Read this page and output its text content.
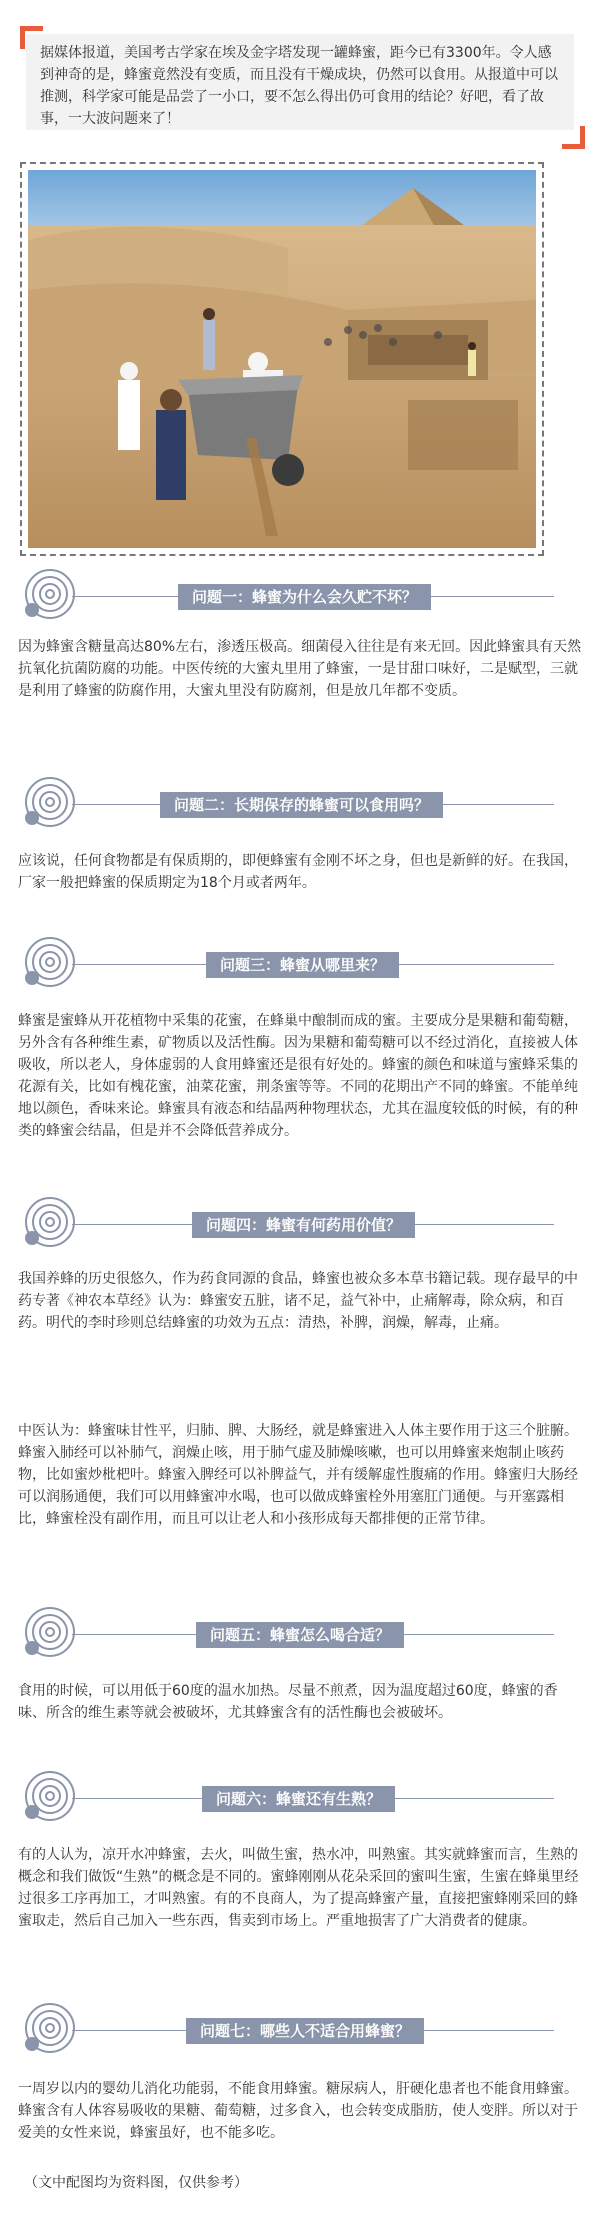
据媒体报道，美国考古学家在埃及金字塔发现一罐蜂蜜，距今已有3300年。令人感到神奇的是，蜂蜜竟然没有变质，而且没有干燥成块，仍然可以食用。从报道中可以推测，科学家可能是品尝了一小口，要不怎么得出仍可食用的结论？好吧，看了故事，一大波问题来了！
问题一：蜂蜜为什么会久贮不坏？

因为蜂蜜含糖量高达80%左右，渗透压极高。细菌侵入往往是有来无回。因此蜂蜜具有天然抗氧化抗菌防腐的功能。中医传统的大蜜丸里用了蜂蜜，一是甘甜口味好，二是赋型，三就是利用了蜂蜜的防腐作用，大蜜丸里没有防腐剂，但是放几年都不变质。

问题二：长期保存的蜂蜜可以食用吗？

应该说，任何食物都是有保质期的，即便蜂蜜有金刚不坏之身，但也是新鲜的好。在我国，厂家一般把蜂蜜的保质期定为18个月或者两年。

问题三：蜂蜜从哪里来？

蜂蜜是蜜蜂从开花植物中采集的花蜜，在蜂巢中酿制而成的蜜。主要成分是果糖和葡萄糖，另外含有各种维生素，矿物质以及活性酶。因为果糖和葡萄糖可以不经过消化，直接被人体吸收，所以老人，身体虚弱的人食用蜂蜜还是很有好处的。蜂蜜的颜色和味道与蜜蜂采集的花源有关，比如有槐花蜜，油菜花蜜，荆条蜜等等。不同的花期出产不同的蜂蜜。不能单纯地以颜色，香味来论。蜂蜜具有液态和结晶两种物理状态，尤其在温度较低的时候，有的种类的蜂蜜会结晶，但是并不会降低营养成分。

问题四：蜂蜜有何药用价值？

我国养蜂的历史很悠久，作为药食同源的食品，蜂蜜也被众多本草书籍记载。现存最早的中药专著《神农本草经》认为：蜂蜜安五脏，诸不足，益气补中，止痛解毒，除众病，和百药。明代的李时珍则总结蜂蜜的功效为五点：清热，补脾，润燥，解毒，止痛。

中医认为：蜂蜜味甘性平，归肺、脾、大肠经，就是蜂蜜进入人体主要作用于这三个脏腑。蜂蜜入肺经可以补肺气，润燥止咳，用于肺气虚及肺燥咳嗽，也可以用蜂蜜来炮制止咳药物，比如蜜炒枇杷叶。蜂蜜入脾经可以补脾益气，并有缓解虚性腹痛的作用。蜂蜜归大肠经可以润肠通便，我们可以用蜂蜜冲水喝，也可以做成蜂蜜栓外用塞肛门通便。与开塞露相比，蜂蜜栓没有副作用，而且可以让老人和小孩形成每天都排便的正常节律。

问题五：蜂蜜怎么喝合适？

食用的时候，可以用低于60度的温水加热。尽量不煎煮，因为温度超过60度，蜂蜜的香味、所含的维生素等就会被破坏，尤其蜂蜜含有的活性酶也会被破坏。

问题六：蜂蜜还有生熟？

有的人认为，凉开水冲蜂蜜，去火，叫做生蜜，热水冲，叫熟蜜。其实就蜂蜜而言，生熟的概念和我们做饭“生熟”的概念是不同的。蜜蜂刚刚从花朵采回的蜜叫生蜜，生蜜在蜂巢里经过很多工序再加工，才叫熟蜜。有的不良商人，为了提高蜂蜜产量，直接把蜜蜂刚采回的蜂蜜取走，然后自己加入一些东西，售卖到市场上。严重地损害了广大消费者的健康。

问题七：哪些人不适合用蜂蜜？

一周岁以内的婴幼儿消化功能弱，不能食用蜂蜜。糖尿病人，肝硬化患者也不能食用蜂蜜。蜂蜜含有人体容易吸收的果糖、葡萄糖，过多食入，也会转变成脂肪，使人变胖。所以对于爱美的女性来说，蜂蜜虽好，也不能多吃。

（文中配图均为资料图，仅供参考）
